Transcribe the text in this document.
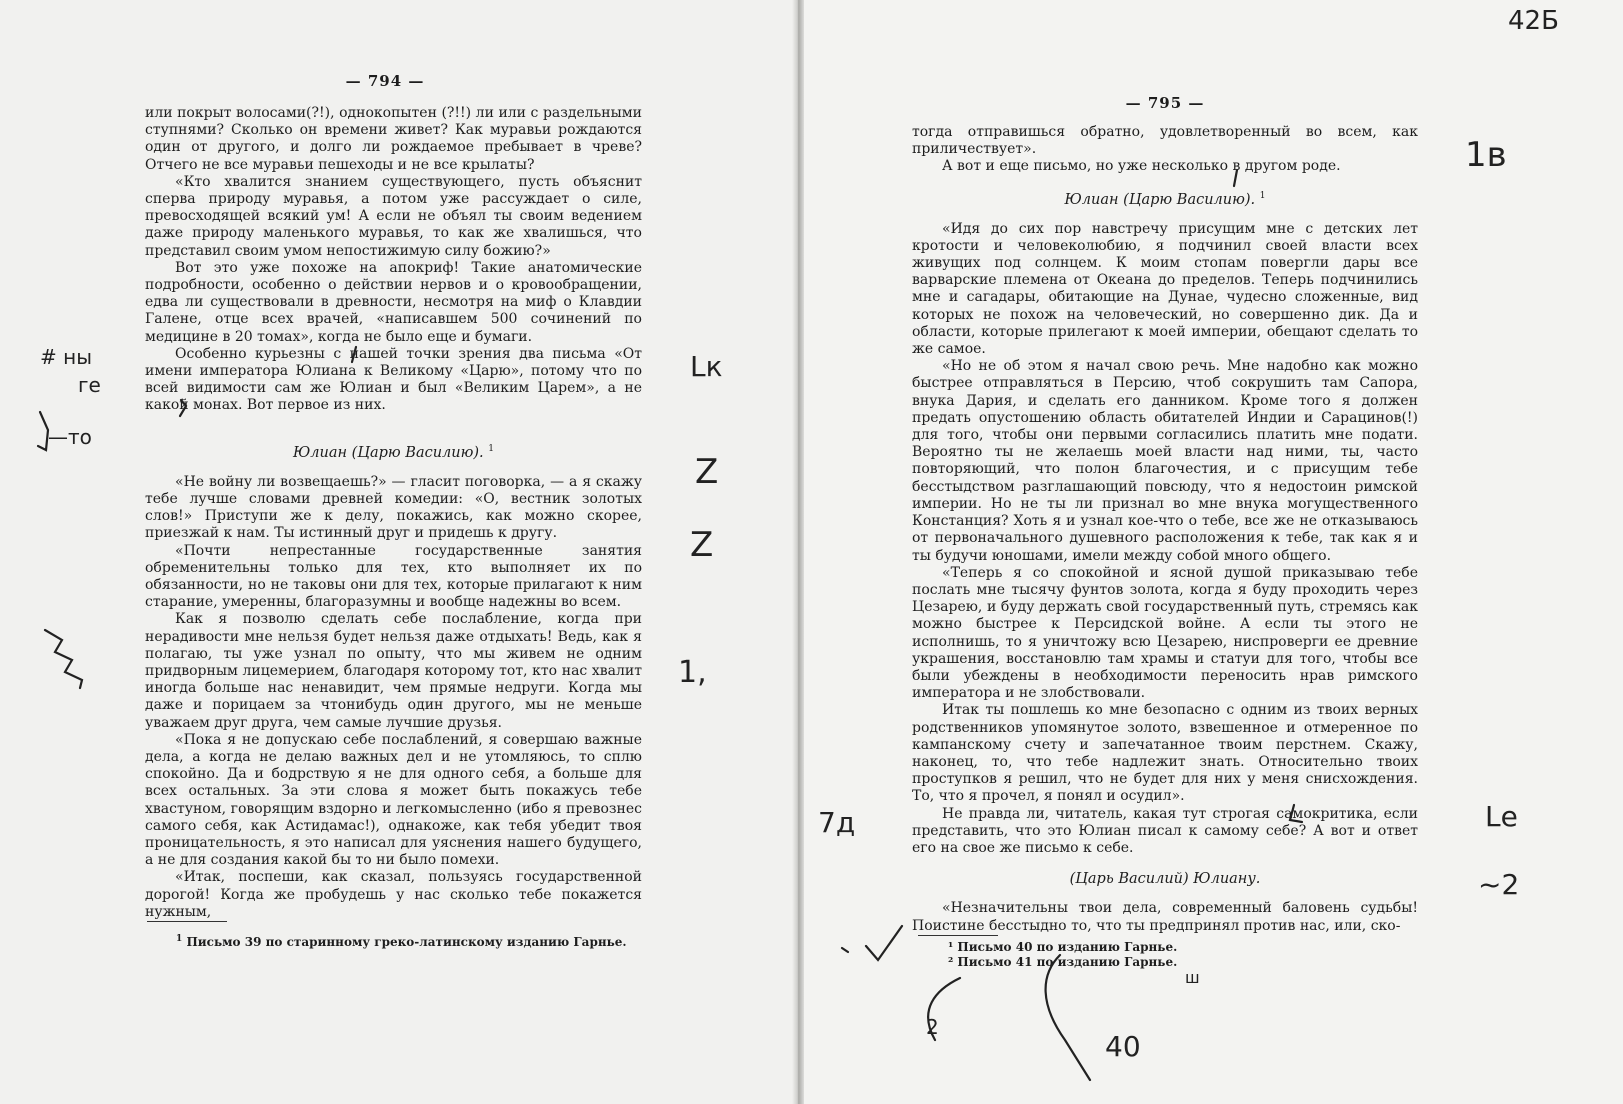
— 794 —

или покрыт волосами(?!), однокопытен (?!!) ли или с раздельными ступнями? Сколько он времени живет? Как муравьи рождаются один от другого, и долго ли рождаемое пребывает в чреве? Отчего не все муравьи пешеходы и не все крылаты?

«Кто хвалится знанием существующего, пусть объяснит сперва природу муравья, а потом уже рассуждает о силе, превосходящей всякий ум! А если не объял ты своим ведением даже природу маленького муравья, то как же хвалишься, что представил своим умом непостижимую силу божию?»

Вот это уже похоже на апокриф! Такие анатомические подробности, особенно о действии нервов и о кровообращении, едва ли существовали в древности, несмотря на миф о Клавдии Галене, отце всех врачей, «написавшем 500 сочинений по медицине в 20 томах», когда не было еще и бумаги.

Особенно курьезны с нашей точки зрения два письма «От имени императора Юлиана к Великому «Царю», потому что по всей видимости сам же Юлиан и был «Великим Царем», а не какой монах. Вот первое из них.

Юлиан (Царю Василию). $^1$

«Не войну ли возвещаешь?» — гласит поговорка, — а я скажу тебе лучше словами древней комедии: «О, вестник золотых слов!» Приступи же к делу, покажись, как можно скорее, приезжай к нам. Ты истинный друг и придешь к другу.

«Почти непрестанные государственные занятия обременительны только для тех, кто выполняет их по обязанности, но не таковы они для тех, которые прилагают к ним старание, умеренны, благоразумны и вообще надежны во всем.

Как я позволю сделать себе послабление, когда при нерадивости мне нельзя будет нельзя даже отдыхать! Ведь, как я полагаю, ты уже узнал по опыту, что мы живем не одним придворным лицемерием, благодаря которому тот, кто нас хвалит иногда больше нас ненавидит, чем прямые недруги. Когда мы даже и порицаем за чтонибудь один другого, мы не меньше уважаем друг друга, чем самые лучшие друзья.

«Пока я не допускаю себе послаблений, я совершаю важные дела, а когда не делаю важных дел и не утомляюсь, то сплю спокойно. Да и бодрствую я не для одного себя, а больше для всех остальных. За эти слова я может быть покажусь тебе хвастуном, говорящим вздорно и легкомысленно (ибо я превознес самого себя, как Астидамас!), однакоже, как тебя убедит твоя проницательность, я это написал для уяснения нашего будущего, а не для создания какой бы то ни было помехи.

«Итак, поспеши, как сказал, пользуясь государственной дорогой! Когда же пробудешь у нас сколько тебе покажется нужным,

$^1$ Письмо 39 по старинному греко-латинскому изданию Гарнье.
— 795 —

тогда отправишься обратно, удовлетворенный во всем, как приличествует».

А вот и еще письмо, но уже несколько в другом роде.

Юлиан (Царю Василию). $^1$

«Идя до сих пор навстречу присущим мне с детских лет кротости и человеколюбию, я подчинил своей власти всех живущих под солнцем. К моим стопам повергли дары все варварские племена от Океана до пределов. Теперь подчинились мне и сагадары, обитающие на Дунае, чудесно сложенные, вид которых не похож на человеческий, но совершенно дик. Да и области, которые прилегают к моей империи, обещают сделать то же самое.

«Но не об этом я начал свою речь. Мне надобно как можно быстрее отправляться в Персию, чтоб сокрушить там Сапора, внука Дария, и сделать его данником. Кроме того я должен предать опустошению область обитателей Индии и Сарацинов(!) для того, чтобы они первыми согласились платить мне подати. Вероятно ты не желаешь моей власти над ними, ты, часто повторяющий, что полон благочестия, и с присущим тебе бесстыдством разглашающий повсюду, что я недостоин римской империи. Но не ты ли признал во мне внука могущественного Констанция? Хоть я и узнал кое-что о тебе, все же не отказываюсь от первоначального душевного расположения к тебе, так как я и ты будучи юношами, имели между собой много общего.

«Теперь я со спокойной и ясной душой приказываю тебе послать мне тысячу фунтов золота, когда я буду проходить через Цезарею, и буду держать свой государственный путь, стремясь как можно быстрее к Персидской войне. А если ты этого не исполнишь, то я уничтожу всю Цезарею, ниспроверги ее древние украшения, восстановлю там храмы и статуи для того, чтобы все были убеждены в необходимости переносить нрав римского императора и не злобствовали.

Итак ты пошлешь ко мне безопасно с одним из твоих верных родственников упомянутое золото, взвешенное и отмеренное по кампанскому счету и запечатанное твоим перстнем. Скажу, наконец, то, что тебе надлежит знать. Относительно твоих проступков я решил, что не будет для них у меня снисхождения. То, что я прочел, я понял и осудил».

Не правда ли, читатель, какая тут строгая самокритика, если представить, что это Юлиан писал к самому себе? А вот и ответ его на свое же письмо к себе.

(Царь Василий) Юлиану.

«Незначительны твои дела, современный баловень судьбы! Поистине бесстыдно то, что ты предпринял против нас, или, ско-

¹ Письмо 40 по изданию Гарнье.
² Письмо 41 по изданию Гарнье.
42Б
# ны
ге
—то
Lк
Z
Z
1,
7д
1в
Lе
~2
2
40
ш
